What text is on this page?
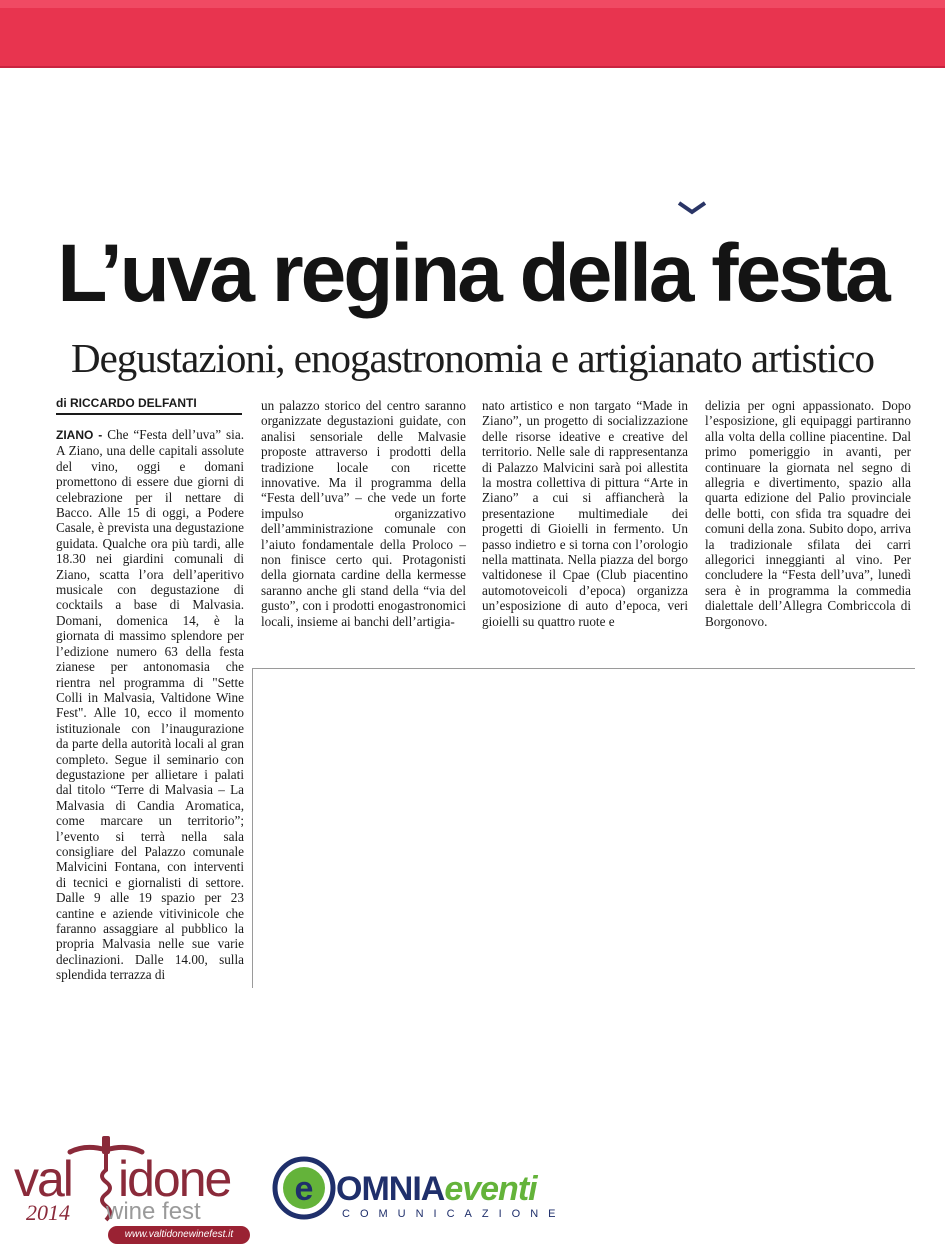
L’uva regina della festa
Degustazioni, enogastronomia e artigianato artistico
di RICCARDO DELFANTI

ZIANO - Che “Festa dell’uva” sia. A Ziano, una delle capitali assolute del vino, oggi e domani promettono di essere due giorni di celebrazione per il nettare di Bacco. Alle 15 di oggi, a Podere Casale, è prevista una degustazione guidata. Qualche ora più tardi, alle 18.30 nei giardini comunali di Ziano, scatta l’ora dell’aperitivo musicale con degustazione di cocktails a base di Malvasia. Domani, domenica 14, è la giornata di massimo splendore per l’edizione numero 63 della festa zianese per antonomasia che rientra nel programma di "Sette Colli in Malvasia, Valtidone Wine Fest". Alle 10, ecco il momento istituzionale con l’inaugurazione da parte della autorità locali al gran completo. Segue il seminario con degustazione per allietare i palati dal titolo “Terre di Malvasia – La Malvasia di Candia Aromatica, come marcare un territorio”; l’evento si terrà nella sala consigliare del Palazzo comunale Malvicini Fontana, con interventi di tecnici e giornalisti di settore. Dalle 9 alle 19 spazio per 23 cantine e aziende vitivinicole che faranno assaggiare al pubblico la propria Malvasia nelle sue varie declinazioni. Dalle 14.00, sulla splendida terrazza di

un palazzo storico del centro saranno organizzate degustazioni guidate, con analisi sensoriale delle Malvasie proposte attraverso i prodotti della tradizione locale con ricette innovative. Ma il programma della “Festa dell’uva” – che vede un forte impulso organizzativo dell’amministrazione comunale con l’aiuto fondamentale della Proloco – non finisce certo qui. Protagonisti della giornata cardine della kermesse saranno anche gli stand della “via del gusto”, con i prodotti enogastronomici locali, insieme ai banchi dell’artigia-

nato artistico e non targato “Made in Ziano”, un progetto di socializzazione delle risorse ideative e creative del territorio. Nelle sale di rappresentanza di Palazzo Malvicini sarà poi allestita la mostra collettiva di pittura “Arte in Ziano” a cui si affiancherà la presentazione multimediale dei progetti di Gioielli in fermento. Un passo indietro e si torna con l’orologio nella mattinata. Nella piazza del borgo valtidonese il Cpae (Club piacentino automotoveicoli d’epoca) organizza un’esposizione di auto d’epoca, veri gioielli su quattro ruote e

delizia per ogni appassionato. Dopo l’esposizione, gli equipaggi partiranno alla volta della colline piacentine. Dal primo pomeriggio in avanti, per continuare la giornata nel segno di allegria e divertimento, spazio alla quarta edizione del Palio provinciale delle botti, con sfida tra squadre dei comuni della zona. Subito dopo, arriva la tradizionale sfilata dei carri allegorici inneggianti al vino. Per concludere la “Festa dell’uva”, lunedì sera è in programma la commedia dialettale dell’Allegra Combriccola di Borgonovo.

val idone
2014 wine fest
www.valtidonewinefest.it
e OMNIAeventi
COMUNICAZIONE
